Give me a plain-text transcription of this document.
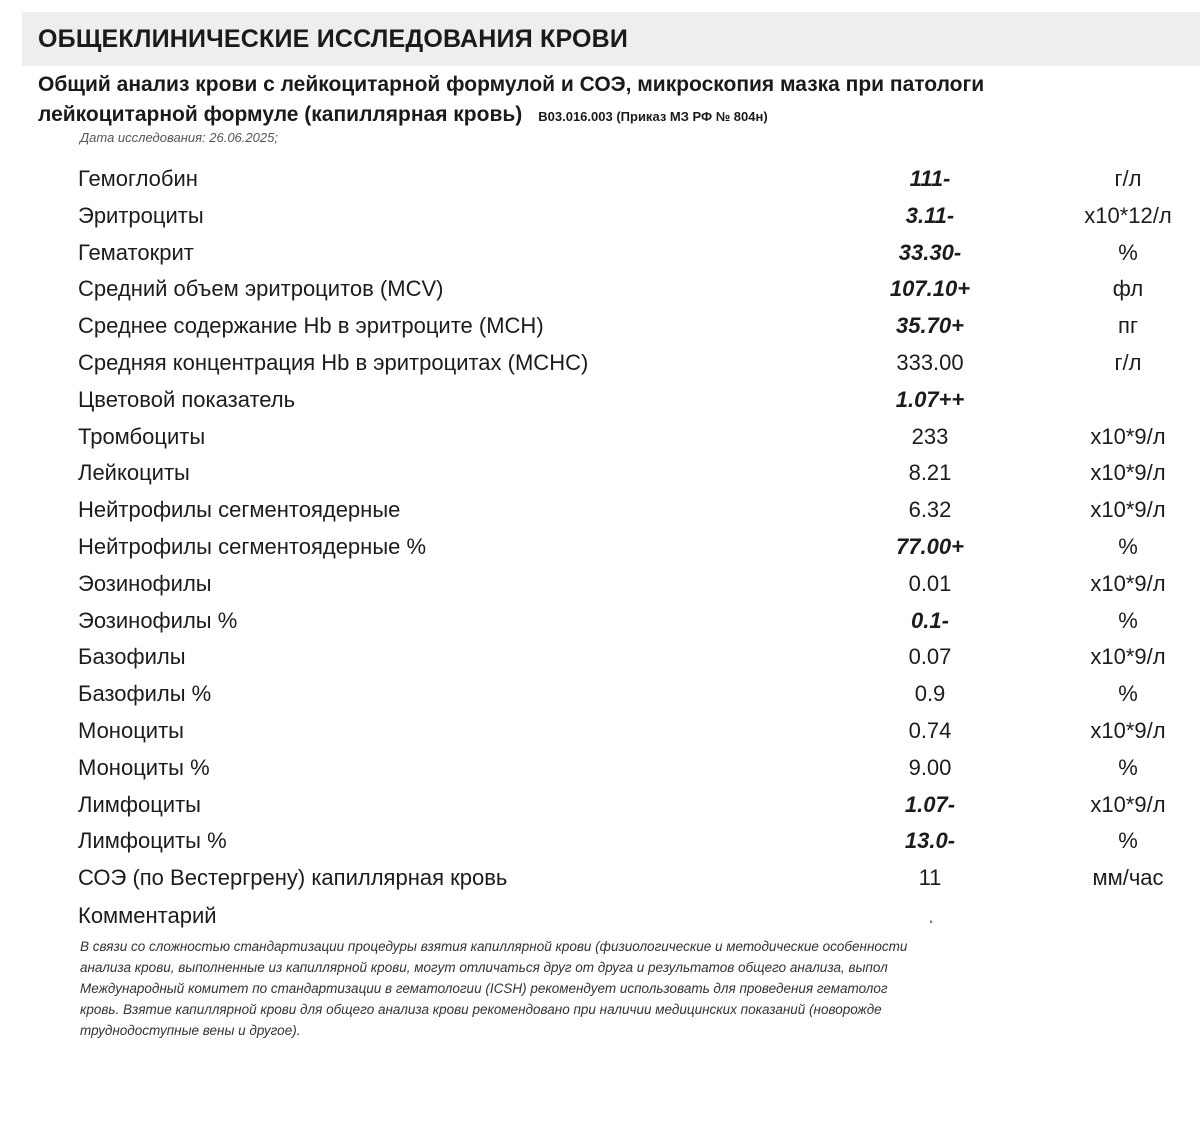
ОБЩЕКЛИНИЧЕСКИЕ ИССЛЕДОВАНИЯ КРОВИ
Общий анализ крови с лейкоцитарной формулой и СОЭ, микроскопия мазка при патологи
лейкоцитарной формуле (капиллярная кровь) B03.016.003 (Приказ МЗ РФ № 804н)
Дата исследования: 26.06.2025;
Гемоглобин	111-	г/л
Эритроциты	3.11-	x10*12/л
Гематокрит	33.30-	%
Средний объем эритроцитов (MCV)	107.10+	фл
Среднее содержание Hb в эритроците (MCH)	35.70+	пг
Средняя концентрация Hb в эритроцитах (MCHC)	333.00	г/л
Цветовой показатель	1.07++
Тромбоциты	233	x10*9/л
Лейкоциты	8.21	x10*9/л
Нейтрофилы сегментоядерные	6.32	x10*9/л
Нейтрофилы сегментоядерные %	77.00+	%
Эозинофилы	0.01	x10*9/л
Эозинофилы %	0.1-	%
Базофилы	0.07	x10*9/л
Базофилы %	0.9	%
Моноциты	0.74	x10*9/л
Моноциты %	9.00	%
Лимфоциты	1.07-	x10*9/л
Лимфоциты %	13.0-	%
СОЭ (по Вестергрену) капиллярная кровь	11	мм/час
Комментарий	.
В связи со сложностью стандартизации процедуры взятия капиллярной крови (физиологические и методические особенности
анализа крови, выполненные из капиллярной крови, могут отличаться друг от друга и результатов общего анализа, выпол
Международный комитет по стандартизации в гематологии (ICSH) рекомендует использовать для проведения гематолог
кровь. Взятие капиллярной крови для общего анализа крови рекомендовано при наличии медицинских показаний (новорожде
труднодоступные вены и другое).
